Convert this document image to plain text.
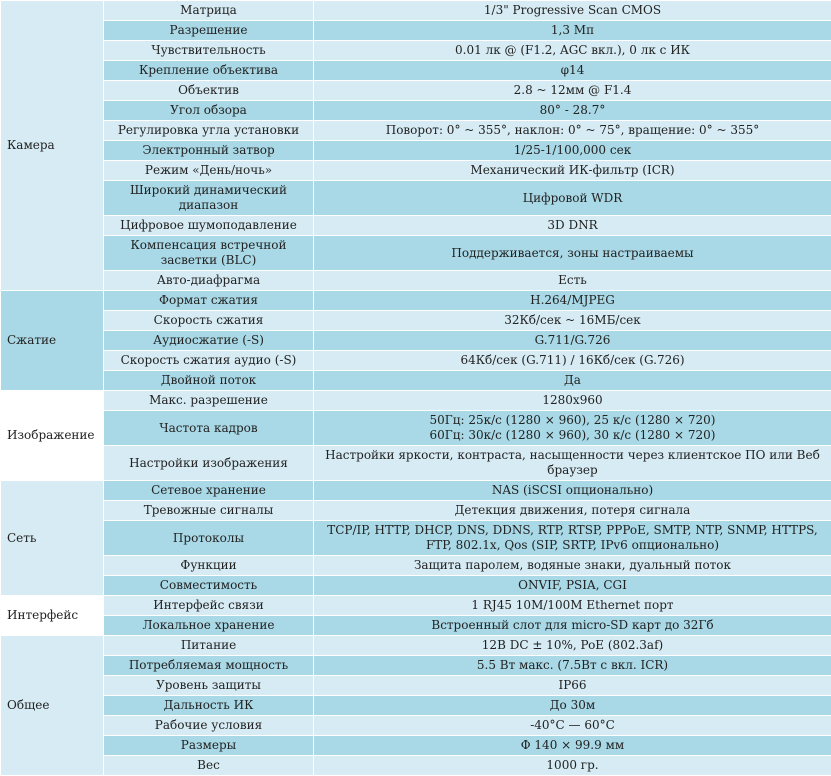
Камера	Матрица	1/3" Progressive Scan CMOS
	Разрешение	1,3 Мп
	Чувствительность	0.01 лк @ (F1.2, AGC вкл.), 0 лк с ИК
	Крепление объектива	φ14
	Объектив	2.8 ~ 12мм @ F1.4
	Угол обзора	80° - 28.7°
	Регулировка угла установки	Поворот: 0° ~ 355°, наклон: 0° ~ 75°, вращение: 0° ~ 355°
	Электронный затвор	1/25-1/100,000 сек
	Режим «День/ночь»	Механический ИК-фильтр (ICR)
	Широкий динамический диапазон	Цифровой WDR
	Цифровое шумоподавление	3D DNR
	Компенсация встречной засветки (BLC)	Поддерживается, зоны настраиваемы
	Авто-диафрагма	Есть
Сжатие	Формат сжатия	H.264/MJPEG
	Скорость сжатия	32Кб/сек ~ 16МБ/сек
	Аудиосжатие (-S)	G.711/G.726
	Скорость сжатия аудио (-S)	64Кб/сек (G.711) / 16Кб/сек (G.726)
	Двойной поток	Да
Изображение	Макс. разрешение	1280x960
	Частота кадров	50Гц: 25к/с (1280 × 960), 25 к/с (1280 × 720)
60Гц: 30к/с (1280 × 960), 30 к/с (1280 × 720)
	Настройки изображения	Настройки яркости, контраста, насыщенности через клиентское ПО или Веб браузер
Сеть	Сетевое хранение	NAS (iSCSI опционально)
	Тревожные сигналы	Детекция движения, потеря сигнала
	Протоколы	TCP/IP, HTTP, DHCP, DNS, DDNS, RTP, RTSP, PPPoE, SMTP, NTP, SNMP, HTTPS, FTP, 802.1x, Qos (SIP, SRTP, IPv6 опционально)
	Функции	Защита паролем, водяные знаки, дуальный поток
	Совместимость	ONVIF, PSIA, CGI
Интерфейс	Интерфейс связи	1 RJ45 10M/100M Ethernet порт
	Локальное хранение	Встроенный слот для micro-SD карт до 32Гб
Общее	Питание	12В DC ± 10%, PoE (802.3af)
	Потребляемая мощность	5.5 Вт макс. (7.5Вт с вкл. ICR)
	Уровень защиты	IP66
	Дальность ИК	До 30м
	Рабочие условия	-40°C — 60°C
	Размеры	Φ 140 × 99.9 мм
	Вес	1000 гр.
